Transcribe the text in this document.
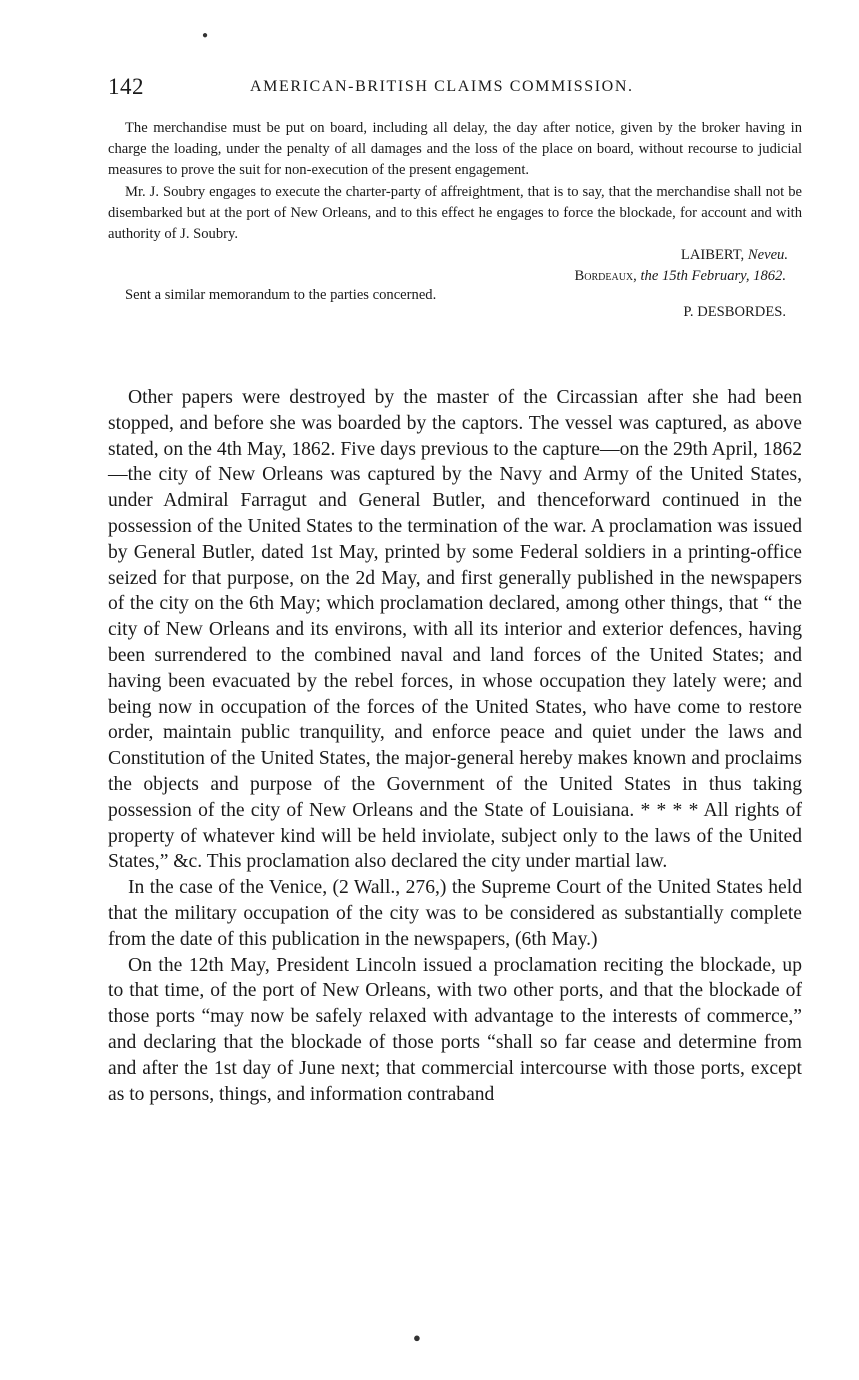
142	AMERICAN-BRITISH CLAIMS COMMISSION.

The merchandise must be put on board, including all delay, the day after notice, given by the broker having in charge the loading, under the penalty of all damages and the loss of the place on board, without recourse to judicial measures to prove the suit for non-execution of the present engagement.

Mr. J. Soubry engages to execute the charter-party of affreightment, that is to say, that the merchandise shall not be disembarked but at the port of New Orleans, and to this effect he engages to force the blockade, for account and with authority of J. Soubry.

LAIBERT, Neveu.

Bordeaux, the 15th February, 1862.

Sent a similar memorandum to the parties concerned.

P. DESBORDES.

Other papers were destroyed by the master of the Circassian after she had been stopped, and before she was boarded by the captors. The vessel was captured, as above stated, on the 4th May, 1862. Five days previous to the capture—on the 29th April, 1862—the city of New Orleans was captured by the Navy and Army of the United States, under Admiral Farragut and General Butler, and thenceforward continued in the possession of the United States to the termination of the war. A proclamation was issued by General Butler, dated 1st May, printed by some Federal soldiers in a printing-office seized for that purpose, on the 2d May, and first generally published in the newspapers of the city on the 6th May; which proclamation declared, among other things, that “ the city of New Orleans and its environs, with all its interior and exterior defences, having been surrendered to the combined naval and land forces of the United States; and having been evacuated by the rebel forces, in whose occupation they lately were; and being now in occupation of the forces of the United States, who have come to restore order, maintain public tranquility, and enforce peace and quiet under the laws and Constitution of the United States, the major-general hereby makes known and proclaims the objects and purpose of the Government of the United States in thus taking possession of the city of New Orleans and the State of Louisiana. * * * * All rights of property of whatever kind will be held inviolate, subject only to the laws of the United States,” &c. This proclamation also declared the city under martial law.

In the case of the Venice, (2 Wall., 276,) the Supreme Court of the United States held that the military occupation of the city was to be considered as substantially complete from the date of this publication in the newspapers, (6th May.)

On the 12th May, President Lincoln issued a proclamation reciting the blockade, up to that time, of the port of New Orleans, with two other ports, and that the blockade of those ports “may now be safely relaxed with advantage to the interests of commerce,” and declaring that the blockade of those ports “shall so far cease and determine from and after the 1st day of June next; that commercial intercourse with those ports, except as to persons, things, and information contraband

●
●
